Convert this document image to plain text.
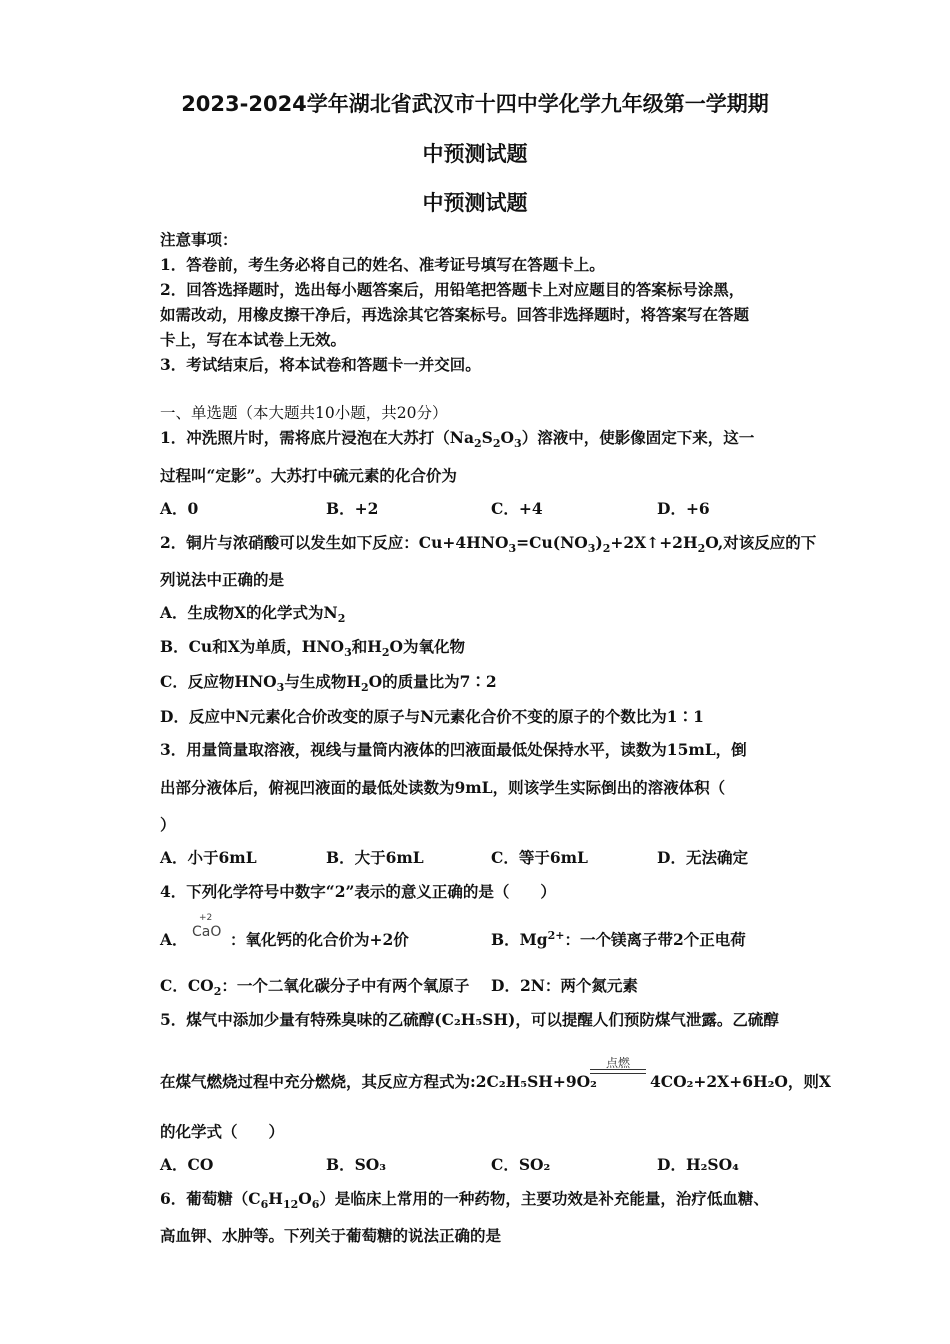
2023-2024学年湖北省武汉市十四中学化学九年级第一学期期
中预测试题
中预测试题
注意事项：
1．答卷前，考生务必将自己的姓名、准考证号填写在答题卡上。
2．回答选择题时，选出每小题答案后，用铅笔把答题卡上对应题目的答案标号涂黑，
如需改动，用橡皮擦干净后，再选涂其它答案标号。回答非选择题时，将答案写在答题
卡上，写在本试卷上无效。
3．考试结束后，将本试卷和答题卡一并交回。
一、单选题（本大题共10小题，共20分）
1．冲洗照片时，需将底片浸泡在大苏打$(Na_2S_2O_3)$溶液中，使影像固定下来，这一
过程叫“定影”。大苏打中硫元素的化合价为
A．0	B．+2	C．+4	D．+6
2．铜片与浓硝酸可以发生如下反应：$Cu+4HNO_3=Cu(NO_3)_2+2X↑+2H_2O$,对该反应的下
列说法中正确的是
A．生成物X的化学式为$N_2$
B．Cu和X为单质，$HNO_3$和$H_2O$为氧化物
C．反应物$HNO_3$与生成物$H_2O$的质量比为7∶2
D．反应中N元素化合价改变的原子与N元素化合价不变的原子的个数比为1∶1
3．用量筒量取溶液，视线与量筒内液体的凹液面最低处保持水平，读数为15mL，倒
出部分液体后，俯视凹液面的最低处读数为9mL，则该学生实际倒出的溶液体积（
）
A．小于6mL	B．大于6mL	C．等于6mL	D．无法确定
4．下列化学符号中数字“2”表示的意义正确的是（　　）
A．
+2
CaO ：氧化钙的化合价为+2价	B．$Mg^{2+}$：一个镁离子带2个正电荷
C．$CO_2$：一个二氧化碳分子中有两个氧原子 D．2N：两个氮元素
5．煤气中添加少量有特殊臭味的乙硫醇(C₂H₅SH)，可以提醒人们预防煤气泄露。乙硫醇
在煤气燃烧过程中充分燃烧，其反应方程式为:2C₂H₅SH+9O₂
点燃
4CO₂+2X+6H₂O，则X
的化学式（　　）
A．CO	B．SO₃	C．SO₂	D．H₂SO₄
6．葡萄糖$(C_6H_{12}O_6)$是临床上常用的一种药物，主要功效是补充能量，治疗低血糖、
高血钾、水肿等。下列关于葡萄糖的说法正确的是
